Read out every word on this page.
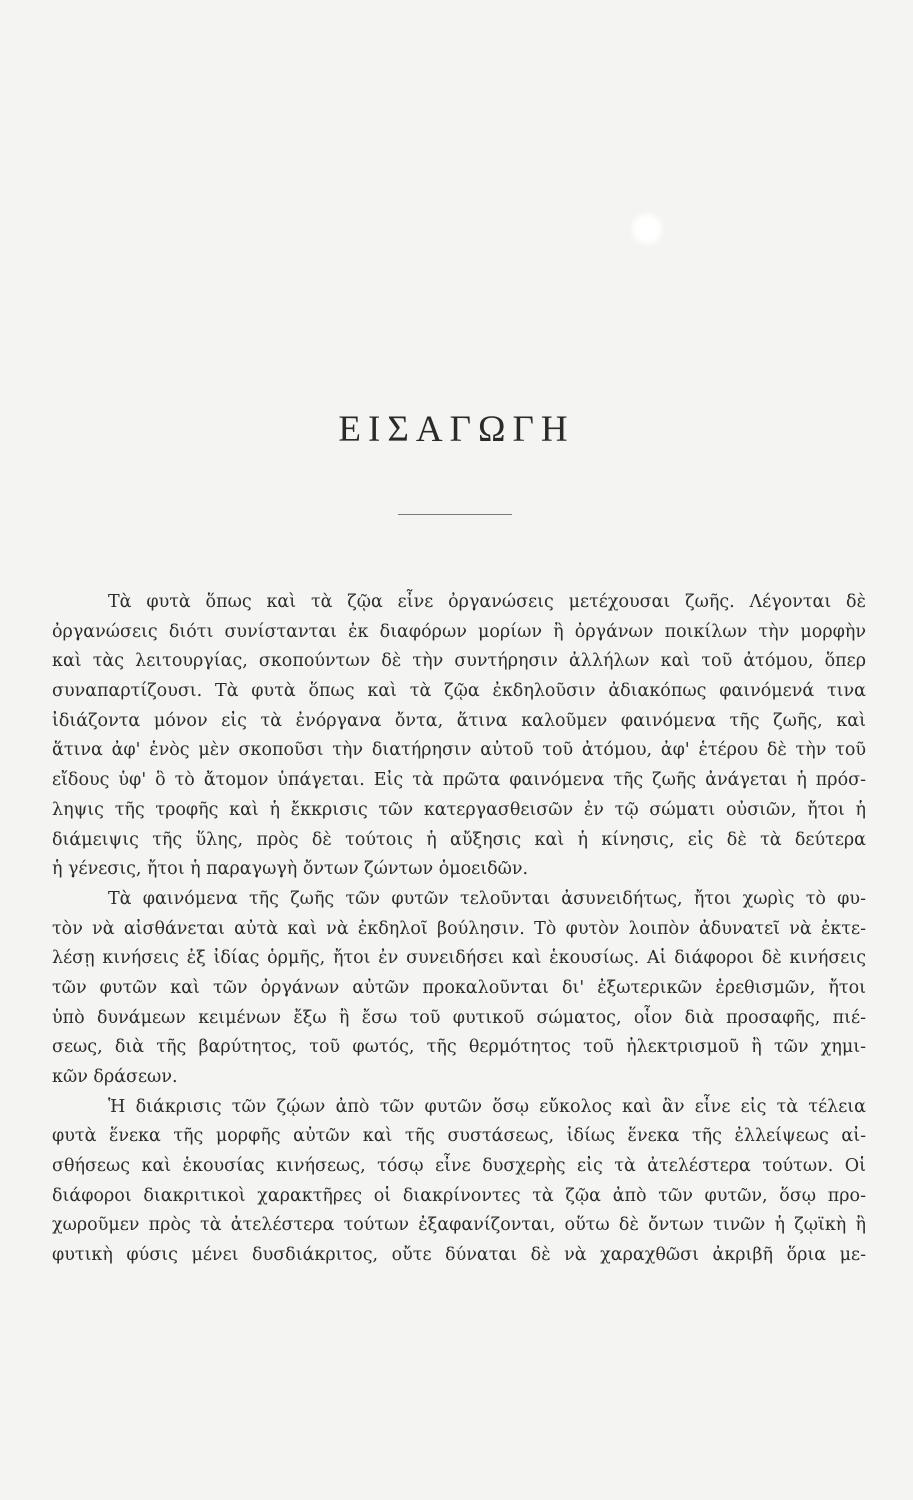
ΕΙΣΑΓΩΓΗ
Τὰ φυτὰ ὅπως καὶ τὰ ζῷα εἶνε ὀργανώσεις μετέχουσαι ζωῆς. Λέγονται δὲ
ὀργανώσεις διότι συνίστανται ἐκ διαφόρων μορίων ἢ ὀργάνων ποικίλων τὴν μορφὴν
καὶ τὰς λειτουργίας, σκοπούντων δὲ τὴν συντήρησιν ἀλλήλων καὶ τοῦ ἀτόμου, ὅπερ
συναπαρτίζουσι. Τὰ φυτὰ ὅπως καὶ τὰ ζῷα ἐκδηλοῦσιν ἀδιακόπως φαινόμενά τινα
ἰδιάζοντα μόνον εἰς τὰ ἐνόργανα ὄντα, ἅτινα καλοῦμεν φαινόμενα τῆς ζωῆς, καὶ
ἅτινα ἀφ' ἑνὸς μὲν σκοποῦσι τὴν διατήρησιν αὐτοῦ τοῦ ἀτόμου, ἀφ' ἑτέρου δὲ τὴν τοῦ
εἴδους ὑφ' ὃ τὸ ἄτομον ὑπάγεται. Εἰς τὰ πρῶτα φαινόμενα τῆς ζωῆς ἀνάγεται ἡ πρόσ-
ληψις τῆς τροφῆς καὶ ἡ ἔκκρισις τῶν κατεργασθεισῶν ἐν τῷ σώματι οὐσιῶν, ἤτοι ἡ
διάμειψις τῆς ὕλης, πρὸς δὲ τούτοις ἡ αὔξησις καὶ ἡ κίνησις, εἰς δὲ τὰ δεύτερα
ἡ γένεσις, ἤτοι ἡ παραγωγὴ ὄντων ζώντων ὁμοειδῶν.
Τὰ φαινόμενα τῆς ζωῆς τῶν φυτῶν τελοῦνται ἀσυνειδήτως, ἤτοι χωρὶς τὸ φυ-
τὸν νὰ αἰσθάνεται αὐτὰ καὶ νὰ ἐκδηλοῖ βούλησιν. Τὸ φυτὸν λοιπὸν ἀδυνατεῖ νὰ ἐκτε-
λέσῃ κινήσεις ἐξ ἰδίας ὁρμῆς, ἤτοι ἐν συνειδήσει καὶ ἑκουσίως. Αἱ διάφοροι δὲ κινήσεις
τῶν φυτῶν καὶ τῶν ὀργάνων αὐτῶν προκαλοῦνται δι' ἐξωτερικῶν ἐρεθισμῶν, ἤτοι
ὑπὸ δυνάμεων κειμένων ἔξω ἢ ἔσω τοῦ φυτικοῦ σώματος, οἷον διὰ προσαφῆς, πιέ-
σεως, διὰ τῆς βαρύτητος, τοῦ φωτός, τῆς θερμότητος τοῦ ἠλεκτρισμοῦ ἢ τῶν χημι-
κῶν δράσεων.
Ἡ διάκρισις τῶν ζῴων ἀπὸ τῶν φυτῶν ὅσῳ εὔκολος καὶ ἂν εἶνε εἰς τὰ τέλεια
φυτὰ ἕνεκα τῆς μορφῆς αὐτῶν καὶ τῆς συστάσεως, ἰδίως ἕνεκα τῆς ἐλλείψεως αἰ-
σθήσεως καὶ ἑκουσίας κινήσεως, τόσῳ εἶνε δυσχερὴς εἰς τὰ ἀτελέστερα τούτων. Οἱ
διάφοροι διακριτικοὶ χαρακτῆρες οἱ διακρίνοντες τὰ ζῷα ἀπὸ τῶν φυτῶν, ὅσῳ προ-
χωροῦμεν πρὸς τὰ ἀτελέστερα τούτων ἐξαφανίζονται, οὕτω δὲ ὄντων τινῶν ἡ ζῳϊκὴ ἢ
φυτικὴ φύσις μένει δυσδιάκριτος, οὔτε δύναται δὲ νὰ χαραχθῶσι ἀκριβῆ ὅρια με-
